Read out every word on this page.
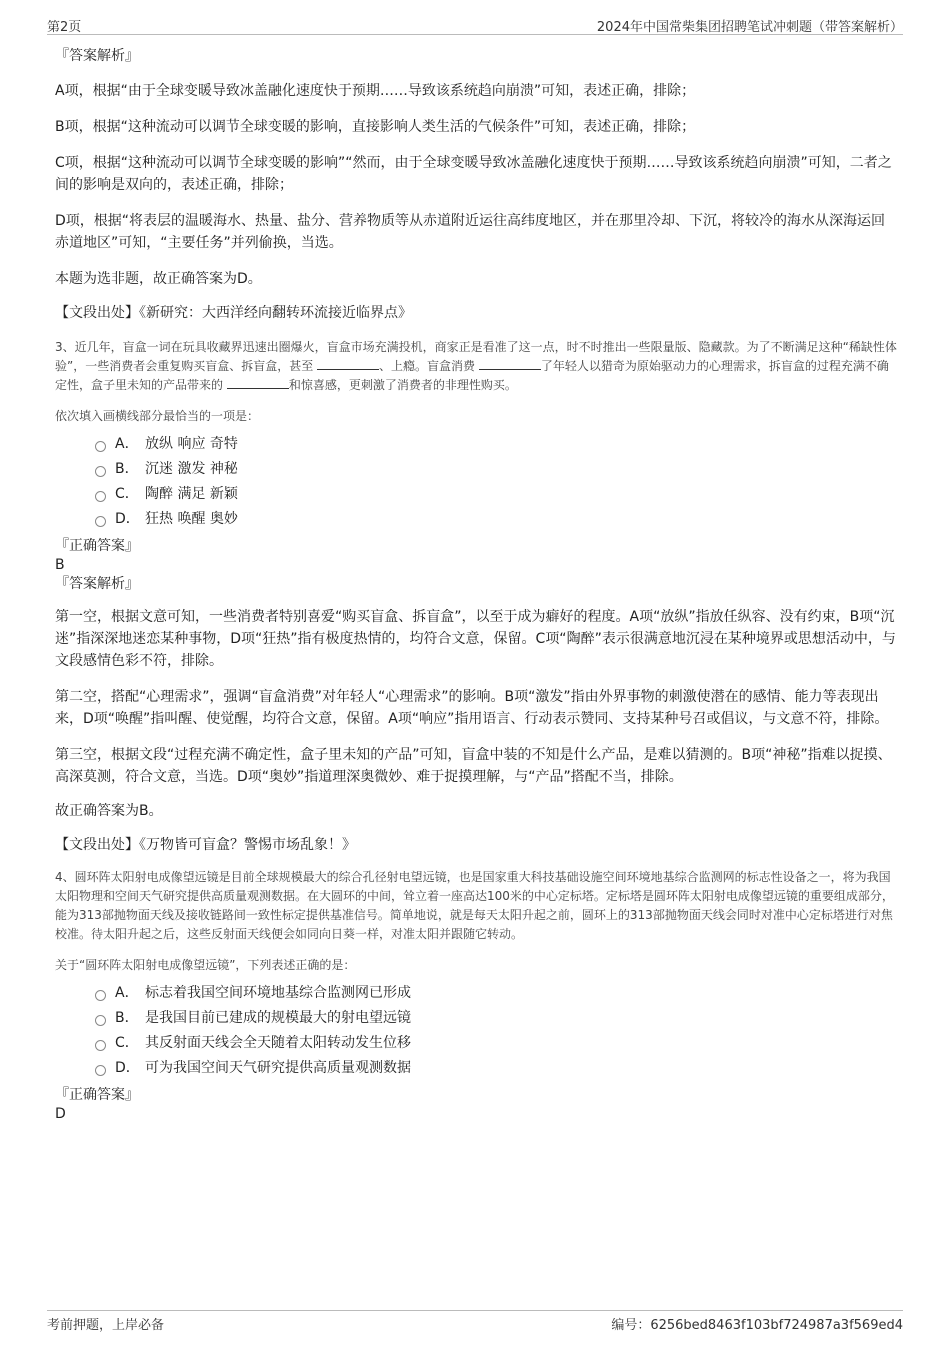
第2页	2024年中国常柴集团招聘笔试冲刺题（带答案解析）

『答案解析』

A项，根据“由于全球变暖导致冰盖融化速度快于预期……导致该系统趋向崩溃”可知，表述正确，排除；

B项，根据“这种流动可以调节全球变暖的影响，直接影响人类生活的气候条件”可知，表述正确，排除；

C项，根据“这种流动可以调节全球变暖的影响”“然而，由于全球变暖导致冰盖融化速度快于预期……导致该系统趋向崩溃”可知，二者之间的影响是双向的，表述正确，排除；

D项，根据“将表层的温暖海水、热量、盐分、营养物质等从赤道附近运往高纬度地区，并在那里冷却、下沉，将较冷的海水从深海运回赤道地区”可知，“主要任务”并列偷换，当选。

本题为选非题，故正确答案为D。

【文段出处】《新研究：大西洋经向翻转环流接近临界点》

3、近几年，盲盒一词在玩具收藏界迅速出圈爆火，盲盒市场充满投机，商家正是看准了这一点，时不时推出一些限量版、隐藏款。为了不断满足这种“稀缺性体验”，一些消费者会重复购买盲盒、拆盲盒，甚至	、上瘾。盲盒消费	了年轻人以猎奇为原始驱动力的心理需求，拆盲盒的过程充满不确定性，盒子里未知的产品带来的	和惊喜感，更刺激了消费者的非理性购买。

依次填入画横线部分最恰当的一项是：

A． 放纵 响应 奇特
B． 沉迷 激发 神秘
C． 陶醉 满足 新颖
D． 狂热 唤醒 奥妙

『正确答案』

B

『答案解析』

第一空，根据文意可知，一些消费者特别喜爱“购买盲盒、拆盲盒”，以至于成为癖好的程度。A项“放纵”指放任纵容、没有约束，B项“沉迷”指深深地迷恋某种事物，D项“狂热”指有极度热情的，均符合文意，保留。C项“陶醉”表示很满意地沉浸在某种境界或思想活动中，与文段感情色彩不符，排除。

第二空，搭配“心理需求”，强调“盲盒消费”对年轻人“心理需求”的影响。B项“激发”指由外界事物的刺激使潜在的感情、能力等表现出来，D项“唤醒”指叫醒、使觉醒，均符合文意，保留。A项“响应”指用语言、行动表示赞同、支持某种号召或倡议，与文意不符，排除。

第三空，根据文段“过程充满不确定性，盒子里未知的产品”可知，盲盒中装的不知是什么产品，是难以猜测的。B项“神秘”指难以捉摸、高深莫测，符合文意，当选。D项“奥妙”指道理深奥微妙、难于捉摸理解，与“产品”搭配不当，排除。

故正确答案为B。

【文段出处】《万物皆可盲盒？警惕市场乱象！》

4、圆环阵太阳射电成像望远镜是目前全球规模最大的综合孔径射电望远镜，也是国家重大科技基础设施空间环境地基综合监测网的标志性设备之一，将为我国太阳物理和空间天气研究提供高质量观测数据。在大圆环的中间，耸立着一座高达100米的中心定标塔。定标塔是圆环阵太阳射电成像望远镜的重要组成部分，能为313部抛物面天线及接收链路间一致性标定提供基准信号。简单地说，就是每天太阳升起之前，圆环上的313部抛物面天线会同时对准中心定标塔进行对焦校准。待太阳升起之后，这些反射面天线便会如同向日葵一样，对准太阳并跟随它转动。

关于“圆环阵太阳射电成像望远镜”，下列表述正确的是：

A． 标志着我国空间环境地基综合监测网已形成
B． 是我国目前已建成的规模最大的射电望远镜
C． 其反射面天线会全天随着太阳转动发生位移
D． 可为我国空间天气研究提供高质量观测数据

『正确答案』

D

考前押题，上岸必备	编号：6256bed8463f103bf724987a3f569ed4
